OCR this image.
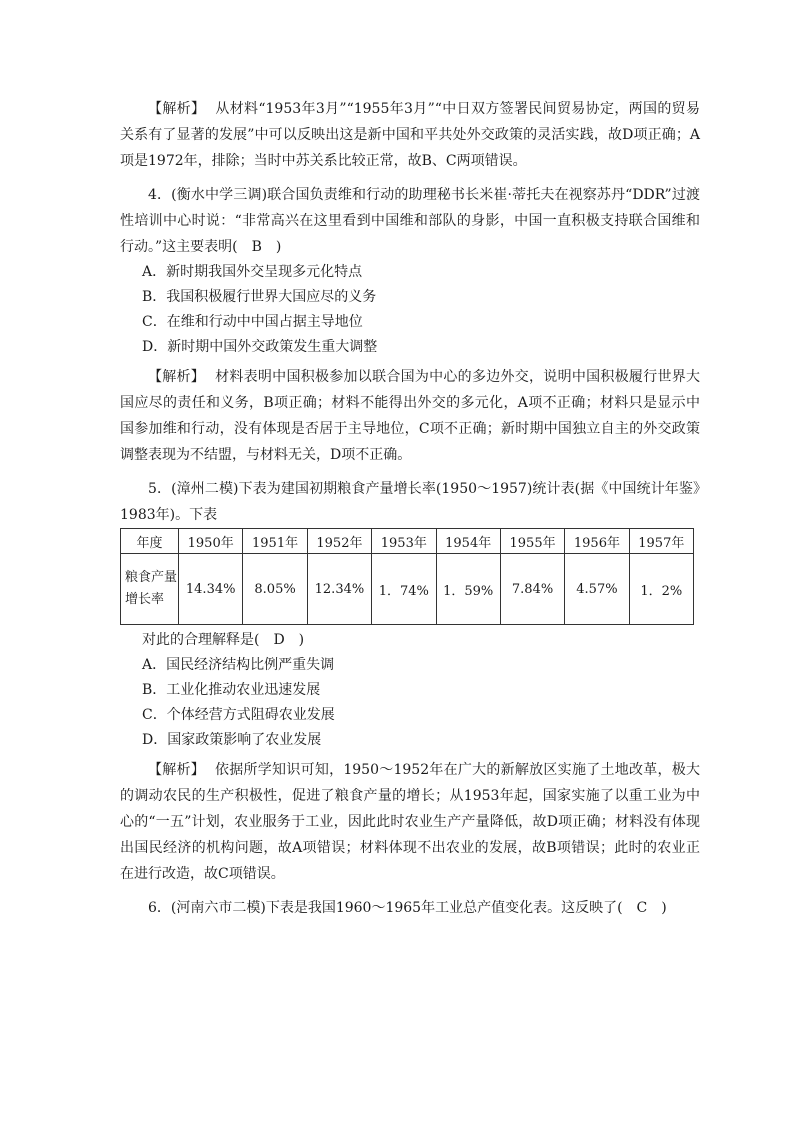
【解析】 从材料“1953年3月”“1955年3月”“中日双方签署民间贸易协定，两国的贸易关系有了显著的发展”中可以反映出这是新中国和平共处外交政策的灵活实践，故D项正确；A项是1972年，排除；当时中苏关系比较正常，故B、C两项错误。

4．(衡水中学三调)联合国负责维和行动的助理秘书长米崔·蒂托夫在视察苏丹“DDR”过渡性培训中心时说：“非常高兴在这里看到中国维和部队的身影，中国一直积极支持联合国维和行动。”这主要表明(　B　)

A．新时期我国外交呈现多元化特点

B．我国积极履行世界大国应尽的义务

C．在维和行动中中国占据主导地位

D．新时期中国外交政策发生重大调整

【解析】 材料表明中国积极参加以联合国为中心的多边外交，说明中国积极履行世界大国应尽的责任和义务，B项正确；材料不能得出外交的多元化，A项不正确；材料只是显示中国参加维和行动，没有体现是否居于主导地位，C项不正确；新时期中国独立自主的外交政策调整表现为不结盟，与材料无关，D项不正确。

5．(漳州二模)下表为建国初期粮食产量增长率(1950～1957)统计表(据《中国统计年鉴》1983年)。下表

年度	1950年	1951年	1952年	1953年	1954年	1955年	1956年	1957年
粮食产量增长率	14.34%	8.05%	12.34%	1．74%	1．59%	7.84%	4.57%	1．2%

对此的合理解释是(　D　)

A．国民经济结构比例严重失调

B．工业化推动农业迅速发展

C．个体经营方式阻碍农业发展

D．国家政策影响了农业发展

【解析】 依据所学知识可知，1950～1952年在广大的新解放区实施了土地改革，极大的调动农民的生产积极性，促进了粮食产量的增长；从1953年起，国家实施了以重工业为中心的“一五”计划，农业服务于工业，因此此时农业生产产量降低，故D项正确；材料没有体现出国民经济的机构问题，故A项错误；材料体现不出农业的发展，故B项错误；此时的农业正在进行改造，故C项错误。

6．(河南六市二模)下表是我国1960～1965年工业总产值变化表。这反映了(　C　)
